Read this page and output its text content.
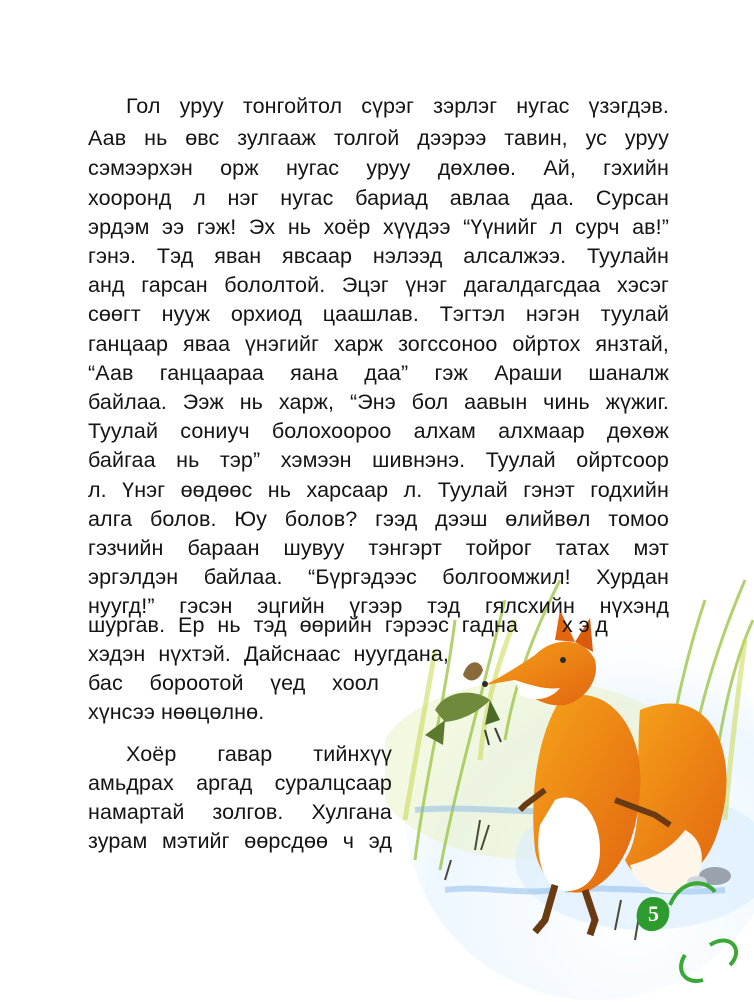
5
Гол уруу тонгойтол сүрэг зэрлэг нугас үзэгдэв.
Аав нь өвс зулгааж толгой дээрээ тавин, ус уруу
сэмээрхэн орж нугас уруу дөхлөө. Ай, гэхийн
хооронд л нэг нугас бариад авлаа даа. Сурсан
эрдэм ээ гэж! Эх нь хоёр хүүдээ “Үүнийг л сурч ав!”
гэнэ. Тэд яван явсаар нэлээд алсалжээ. Туулайн
анд гарсан бололтой. Эцэг үнэг дагалдагсдаа хэсэг
сөөгт нууж орхиод цаашлав. Тэгтэл нэгэн туулай
ганцаар яваа үнэгийг харж зогссоноо ойртох янзтай,
“Аав ганцаараа яана даа” гэж Араши шаналж
байлаа. Ээж нь харж, “Энэ бол аавын чинь жүжиг.
Туулай сониуч болохоороо алхам алхмаар дөхөж
байгаа нь тэр” хэмээн шивнэнэ. Туулай ойртсоор
л. Үнэг өөдөөс нь харсаар л. Туулай гэнэт годхийн
алга болов. Юу болов? гээд дээш өлийвөл томоо
гэзчийн бараан шувуу тэнгэрт тойрог татах мэт
эргэлдэн байлаа. “Бүргэдээс болгоомжил! Хурдан
нуугд!” гэсэн эцгийн үгээр тэд гялсхийн нүхэнд
шургав. Ер нь тэд өөрийн гэрээс гадна хэд
хэдэн нүхтэй. Дайснаас нуугдана,
бас бороотой үед хоол
хүнсээ нөөцөлнө.
Хоёр гавар тийнхүү
амьдрах аргад суралцсаар
намартай золгов. Хулгана
зурам мэтийг өөрсдөө ч эд
